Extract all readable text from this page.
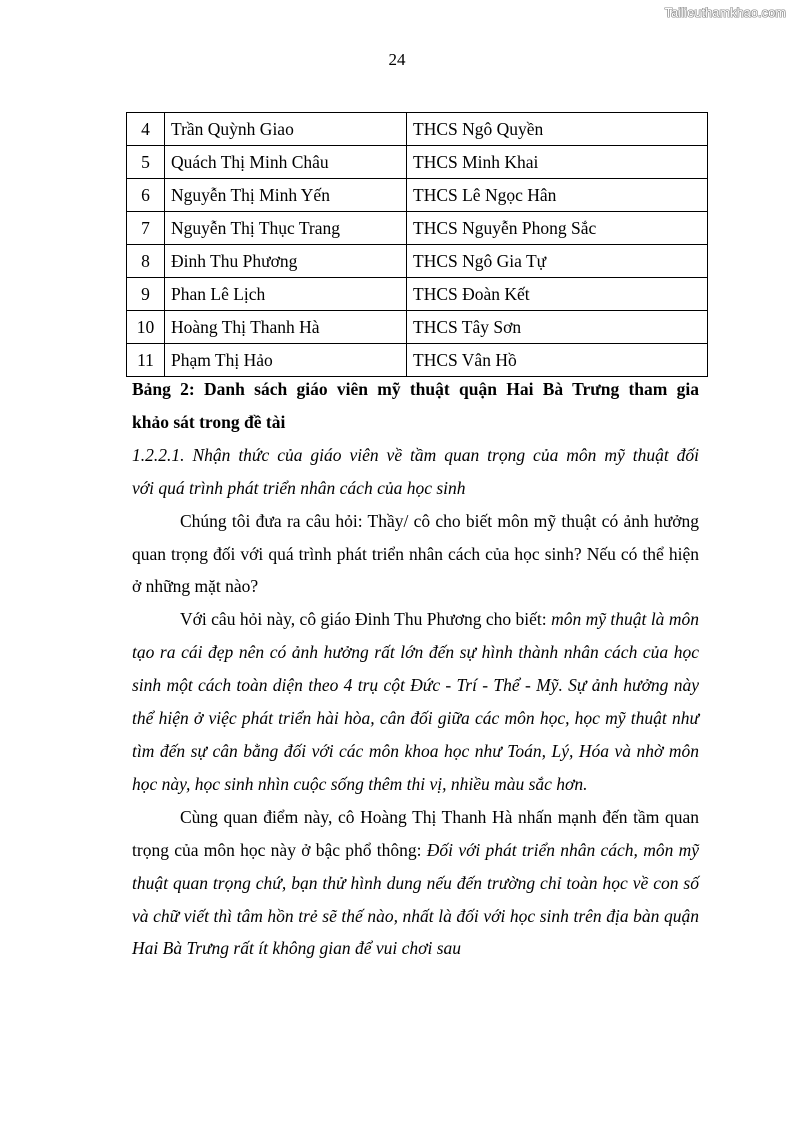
Tailieuthamkhao.com
24
4	Trần Quỳnh Giao	THCS Ngô Quyền
5	Quách Thị Minh Châu	THCS Minh Khai
6	Nguyễn Thị Minh Yến	THCS Lê Ngọc Hân
7	Nguyễn Thị Thục Trang	THCS Nguyễn Phong Sắc
8	Đinh Thu Phương	THCS Ngô Gia Tự
9	Phan Lê Lịch	THCS Đoàn Kết
10	Hoàng Thị Thanh Hà	THCS Tây Sơn
11	Phạm Thị Hảo	THCS Vân Hồ
Bảng 2: Danh sách giáo viên mỹ thuật quận Hai Bà Trưng tham gia
khảo sát trong đề tài
1.2.2.1. Nhận thức của giáo viên về tầm quan trọng của môn mỹ thuật đối
với quá trình phát triển nhân cách của học sinh

Chúng tôi đưa ra câu hỏi: Thầy/ cô cho biết môn mỹ thuật có ảnh hưởng quan trọng đối với quá trình phát triển nhân cách của học sinh? Nếu có thể hiện ở những mặt nào?

Với câu hỏi này, cô giáo Đinh Thu Phương cho biết: môn mỹ thuật là môn tạo ra cái đẹp nên có ảnh hưởng rất lớn đến sự hình thành nhân cách của học sinh một cách toàn diện theo 4 trụ cột Đức - Trí - Thể - Mỹ. Sự ảnh hưởng này thể hiện ở việc phát triển hài hòa, cân đối giữa các môn học, học mỹ thuật như tìm đến sự cân bằng đối với các môn khoa học như Toán, Lý, Hóa và nhờ môn học này, học sinh nhìn cuộc sống thêm thi vị, nhiều màu sắc hơn.

Cùng quan điểm này, cô Hoàng Thị Thanh Hà nhấn mạnh đến tầm quan trọng của môn học này ở bậc phổ thông: Đối với phát triển nhân cách, môn mỹ thuật quan trọng chứ, bạn thử hình dung nếu đến trường chỉ toàn học về con số và chữ viết thì tâm hồn trẻ sẽ thế nào, nhất là đối với học sinh trên địa bàn quận Hai Bà Trưng rất ít không gian để vui chơi sau
